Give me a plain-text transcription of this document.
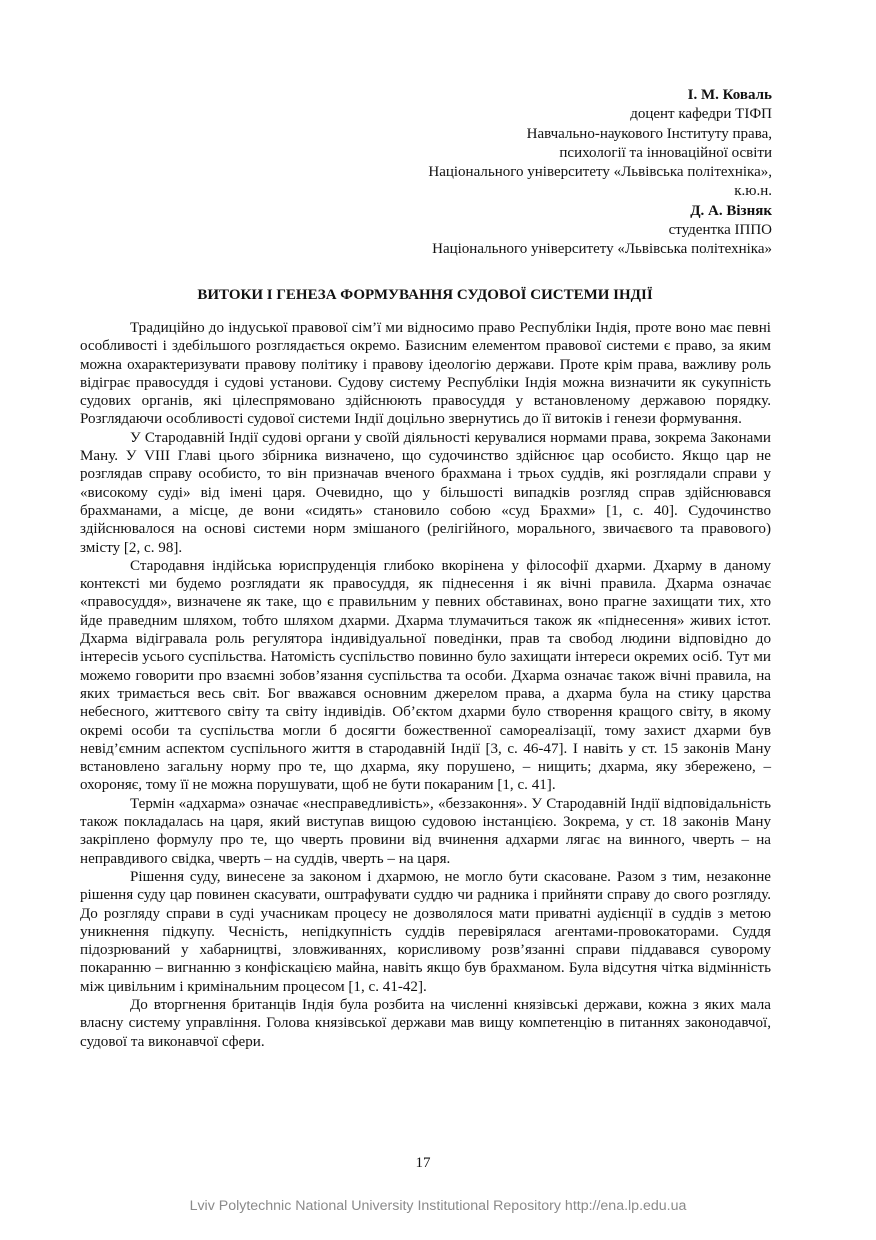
І. М. Коваль
доцент кафедри ТІФП
Навчально-наукового Інституту права,
психології та інноваційної освіти
Національного університету «Львівська політехніка»,
к.ю.н.
Д. А. Візняк
студентка ІППО
Національного університету «Львівська політехніка»
ВИТОКИ І ГЕНЕЗА ФОРМУВАННЯ СУДОВОЇ СИСТЕМИ ІНДІЇ

Традиційно до індуської правової сім’ї ми відносимо право Республіки Індія, проте воно має певні особливості і здебільшого розглядається окремо. Базисним елементом правової системи є право, за яким можна охарактеризувати правову політику і правову ідеологію держави. Проте крім права, важливу роль відіграє правосуддя і судові установи. Судову систему Республіки Індія можна визначити як сукупність судових органів, які цілеспрямовано здійснюють правосуддя у встановленому державою порядку. Розглядаючи особливості судової системи Індії доцільно звернутись до її витоків і генези формування.

У Стародавній Індії судові органи у своїй діяльності керувалися нормами права, зокрема Законами Ману. У VIII Главі цього збірника визначено, що судочинство здійснює цар особисто. Якщо цар не розглядав справу особисто, то він призначав вченого брахмана і трьох суддів, які розглядали справи у «високому суді» від імені царя. Очевидно, що у більшості випадків розгляд справ здійснювався брахманами, а місце, де вони «сидять» становило собою «суд Брахми» [1, с. 40]. Судочинство здійснювалося на основі системи норм змішаного (релігійного, морального, звичаєвого та правового) змісту [2, с. 98].

Стародавня індійська юриспруденція глибоко вкорінена у філософії дхарми. Дхарму в даному контексті ми будемо розглядати як правосуддя, як піднесення і як вічні правила. Дхарма означає «правосуддя», визначене як таке, що є правильним у певних обставинах, воно прагне захищати тих, хто йде праведним шляхом, тобто шляхом дхарми. Дхарма тлумачиться також як «піднесення» живих істот. Дхарма відігравала роль регулятора індивідуальної поведінки, прав та свобод людини відповідно до інтересів усього суспільства. Натомість суспільство повинно було захищати інтереси окремих осіб. Тут ми можемо говорити про взаємні зобов’язання суспільства та особи. Дхарма означає також вічні правила, на яких тримається весь світ. Бог вважався основним джерелом права, а дхарма була на стику царства небесного, життєвого світу та світу індивідів. Об’єктом дхарми було створення кращого світу, в якому окремі особи та суспільства могли б досягти божественної самореалізації, тому захист дхарми був невід’ємним аспектом суспільного життя в стародавній Індії [3, с. 46-47]. І навіть у ст. 15 законів Ману встановлено загальну норму про те, що дхарма, яку порушено, – нищить; дхарма, яку збережено, – охороняє, тому її не можна порушувати, щоб не бути покараним [1, с. 41].

Термін «адхарма» означає «несправедливість», «беззаконня». У Стародавній Індії відповідальність також покладалась на царя, який виступав вищою судовою інстанцією. Зокрема, у ст. 18 законів Ману закріплено формулу про те, що чверть провини від вчинення адхарми лягає на винного, чверть – на неправдивого свідка, чверть – на суддів, чверть – на царя.

Рішення суду, винесене за законом і дхармою, не могло бути скасоване. Разом з тим, незаконне рішення суду цар повинен скасувати, оштрафувати суддю чи радника і прийняти справу до свого розгляду. До розгляду справи в суді учасникам процесу не дозволялося мати приватні аудієнції в суддів з метою уникнення підкупу. Чесність, непідкупність суддів перевірялася агентами-провокаторами. Суддя підозрюваний у хабарництві, зловживаннях, корисливому розв’язанні справи піддавався суворому покаранню – вигнанню з конфіскацією майна, навіть якщо був брахманом. Була відсутня чітка відмінність між цивільним і кримінальним процесом [1, с. 41-42].

До вторгнення британців Індія була розбита на численні князівські держави, кожна з яких мала власну систему управління. Голова князівської держави мав вищу компетенцію в питаннях законодавчої, судової та виконавчої сфери.

17
Lviv Polytechnic National University Institutional Repository http://ena.lp.edu.ua
